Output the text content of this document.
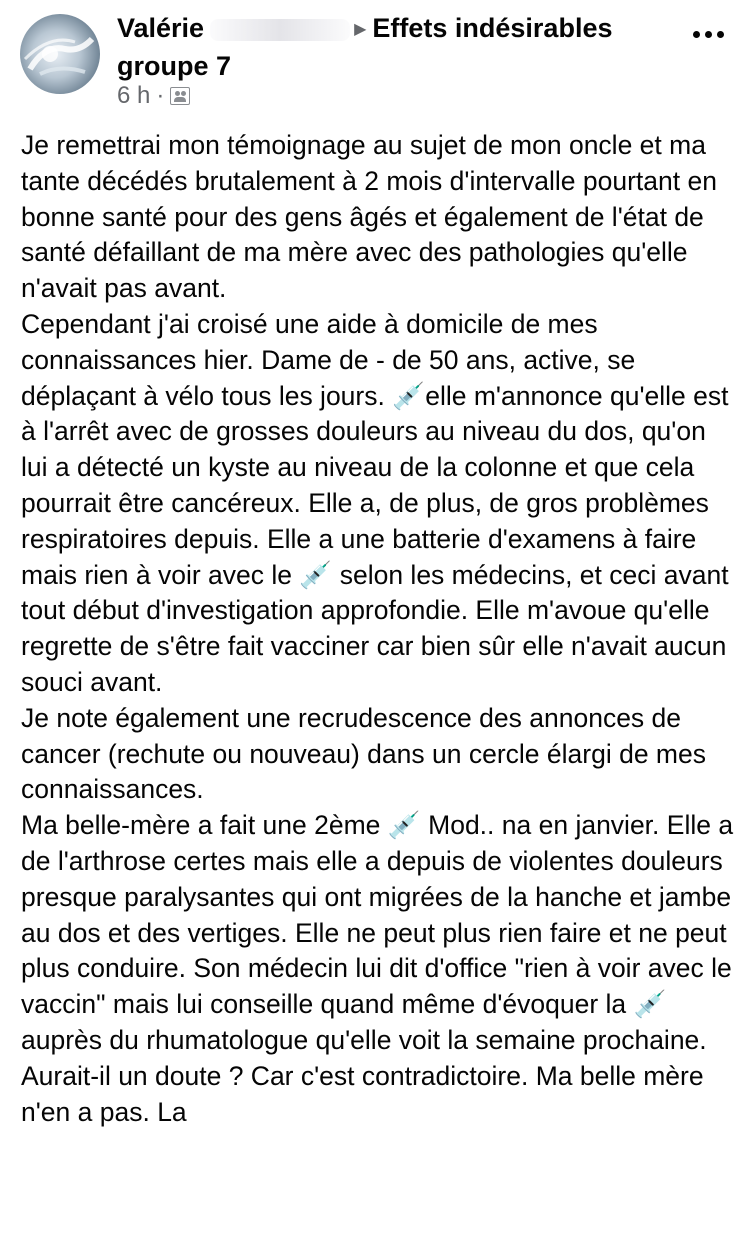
Valérie	▶ Effets indésirables groupe 7
6 h ·

Je remettrai mon témoignage au sujet de mon oncle et ma tante décédés brutalement à 2 mois d'intervalle pourtant en bonne santé pour des gens âgés et également de l'état de santé défaillant de ma mère avec des pathologies qu'elle n'avait pas avant.

Cependant j'ai croisé une aide à domicile de mes connaissances hier. Dame de - de 50 ans, active, se déplaçant à vélo tous les jours. 💉elle m'annonce qu'elle est à l'arrêt avec de grosses douleurs au niveau du dos, qu'on lui a détecté un kyste au niveau de la colonne et que cela pourrait être cancéreux. Elle a, de plus, de gros problèmes respiratoires depuis. Elle a une batterie d'examens à faire mais rien à voir avec le 💉 selon les médecins, et ceci avant tout début d'investigation approfondie. Elle m'avoue qu'elle regrette de s'être fait vacciner car bien sûr elle n'avait aucun souci avant.

Je note également une recrudescence des annonces de cancer (rechute ou nouveau) dans un cercle élargi de mes connaissances.

Ma belle-mère a fait une 2ème 💉 Mod.. na en janvier. Elle a de l'arthrose certes mais elle a depuis de violentes douleurs presque paralysantes qui ont migrées de la hanche et jambe au dos et des vertiges. Elle ne peut plus rien faire et ne peut plus conduire. Son médecin lui dit d'office "rien à voir avec le vaccin" mais lui conseille quand même d'évoquer la 💉 auprès du rhumatologue qu'elle voit la semaine prochaine. Aurait-il un doute ? Car c'est contradictoire. Ma belle mère n'en a pas. La
